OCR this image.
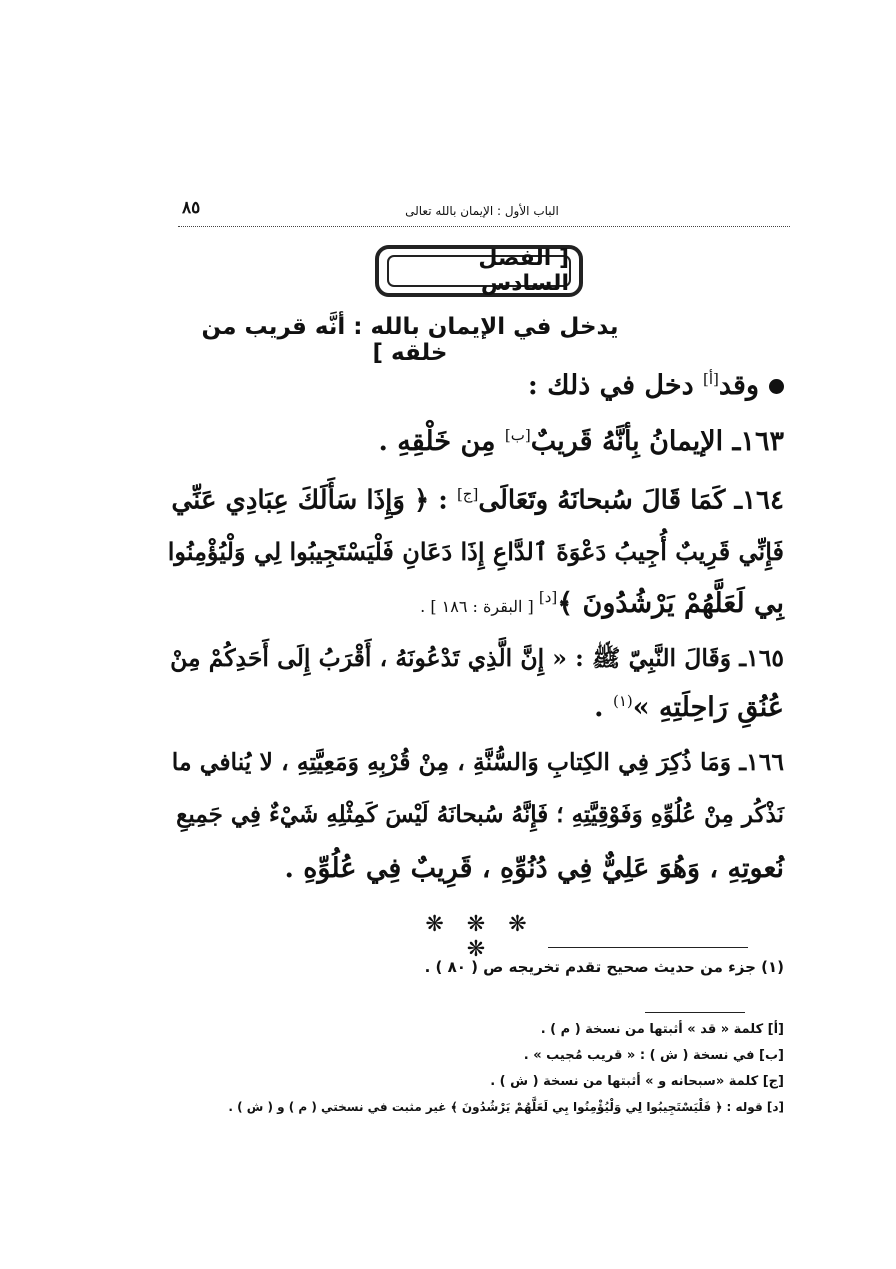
٨٥	الباب الأول : الإيمان بالله تعالى
[ الفصل السادس
يدخل في الإيمان بالله : أنَّه قريب من خلقه ]
وقد[أ] دخل في ذلك :
١٦٣ـ الإيمانُ بِأنَّهُ قَريبٌ[ب] مِن خَلْقِهِ .
١٦٤ـ كَمَا قَالَ سُبحانَهُ وتَعَالَى[ج] : ﴿ وَإِذَا سَأَلَكَ عِبَادِي عَنِّي
فَإِنِّي قَرِيبٌ أُجِيبُ دَعْوَةَ ٱلدَّاعِ إِذَا دَعَانِ فَلْيَسْتَجِيبُوا لِي وَلْيُؤْمِنُوا
بِي لَعَلَّهُمْ يَرْشُدُونَ ﴾[د] [ البقرة : ١٨٦ ] .
١٦٥ـ وَقَالَ النَّبِيّ ﷺ : « إِنَّ الَّذِي تَدْعُونَهُ ، أَقْرَبُ إِلَى أَحَدِكُمْ مِنْ
عُنُقِ رَاحِلَتِهِ »$^{(١)}$ .
١٦٦ـ وَمَا ذُكِرَ فِي الكِتابِ وَالسُّنَّةِ ، مِنْ قُرْبِهِ وَمَعِيَّتِهِ ، لا يُنافي ما
نَذْكُر مِنْ عُلُوِّهِ وَفَوْقِيَّتِهِ ؛ فَإِنَّهُ سُبحانَهُ لَيْسَ كَمِثْلِهِ شَيْءٌ فِي جَمِيعِ
نُعوتِهِ ، وَهُوَ عَلِيٌّ فِي دُنُوِّهِ ، قَرِيبٌ فِي عُلُوِّهِ .
❋ ❋ ❋ ❋
(١) جزء من حديث صحيح تقدم تخريجه ص ( ٨٠ ) .
[أ] كلمة « قد » أثبتها من نسخة ( م ) .
[ب] في نسخة ( ش ) : « قريب مُجيب » .
[ج] كلمة «سبحانه و » أثبتها من نسخة ( ش ) .
[د] قوله : ﴿ فَلْيَسْتَجِيبُوا لِي وَلْيُؤْمِنُوا بِي لَعَلَّهُمْ يَرْشُدُونَ ﴾ غير مثبت في نسختي ( م ) و ( ش ) .
